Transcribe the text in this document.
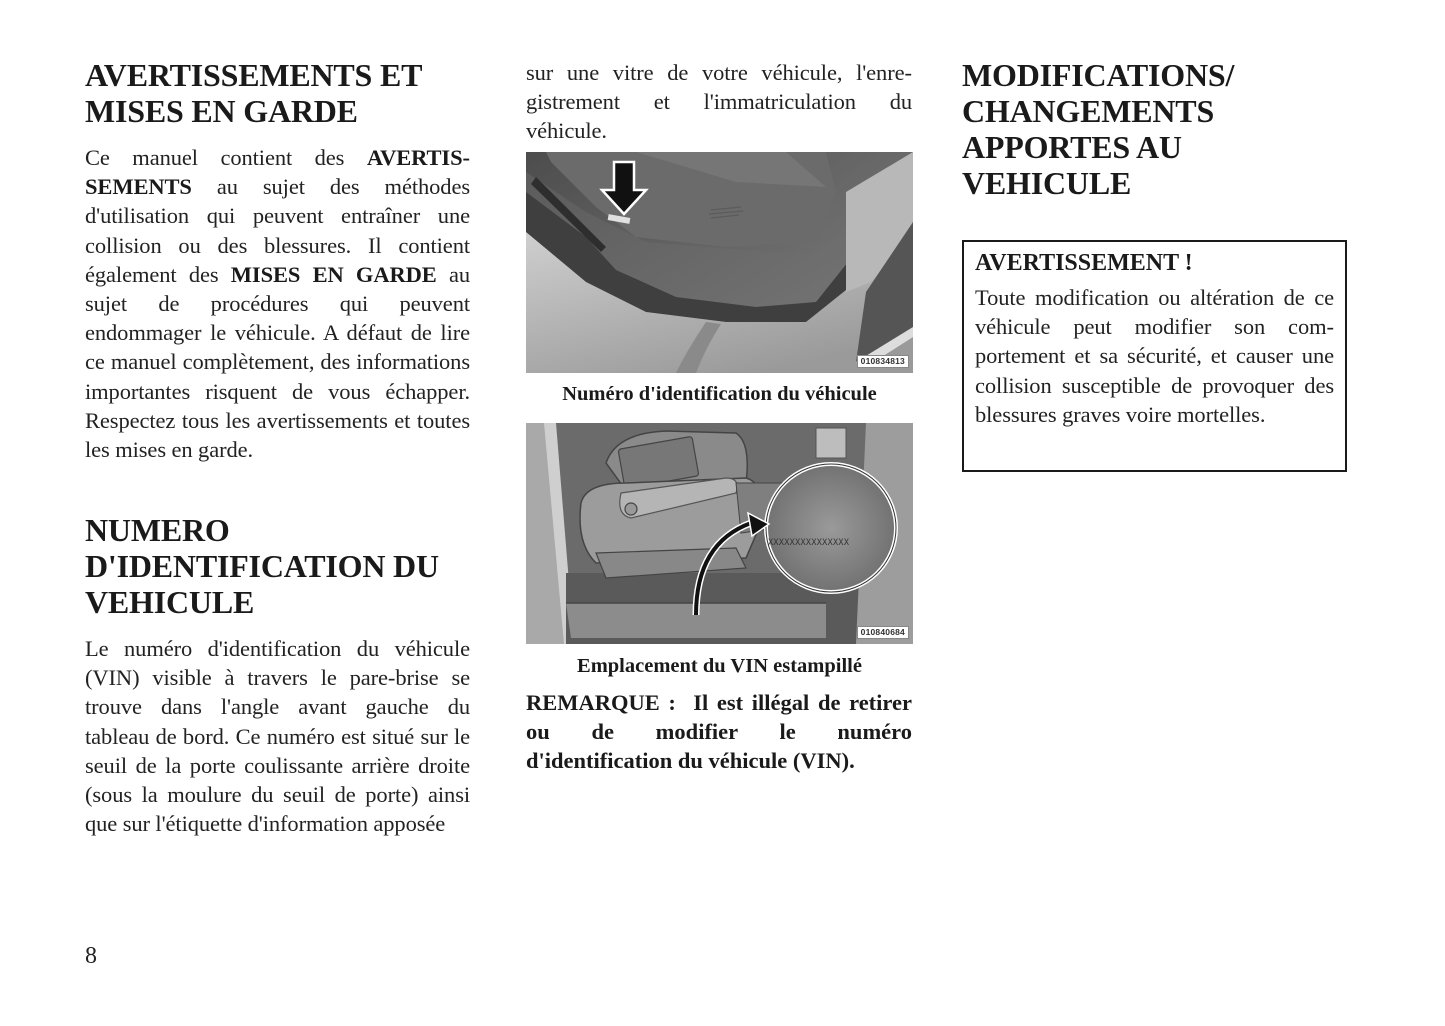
AVERTISSEMENTS ET
MISES EN GARDE

Ce manuel contient des AVERTISSEMENTS au sujet des méthodes d'utilisation qui peuvent entraîner une collision ou des blessures. Il contient également des MISES EN GARDE au sujet de procédures qui peuvent endommager le véhicule. A défaut de lire ce manuel complètement, des informations importantes risquent de vous échapper. Respectez tous les avertissements et toutes les mises en garde.

NUMERO
D'IDENTIFICATION DU
VEHICULE

Le numéro d'identification du véhicule (VIN) visible à travers le pare-brise se trouve dans l'angle avant gauche du tableau de bord. Ce numéro est situé sur le seuil de la porte coulissante arrière droite (sous la moulure du seuil de porte) ainsi que sur l'étiquette d'information apposée

sur une vitre de votre véhicule, l'enregistrement et l'immatriculation du véhicule.

010834813
Numéro d'identification du véhicule
XXXXXXXXXXXXXXX
010840684
Emplacement du VIN estampillé

REMARQUE : Il est illégal de retirer ou de modifier le numéro d'identification du véhicule (VIN).

MODIFICATIONS/
CHANGEMENTS
APPORTES AU
VEHICULE
AVERTISSEMENT !

Toute modification ou altération de ce véhicule peut modifier son comportement et sa sécurité, et causer une collision susceptible de provoquer des blessures graves voire mortelles.

8
